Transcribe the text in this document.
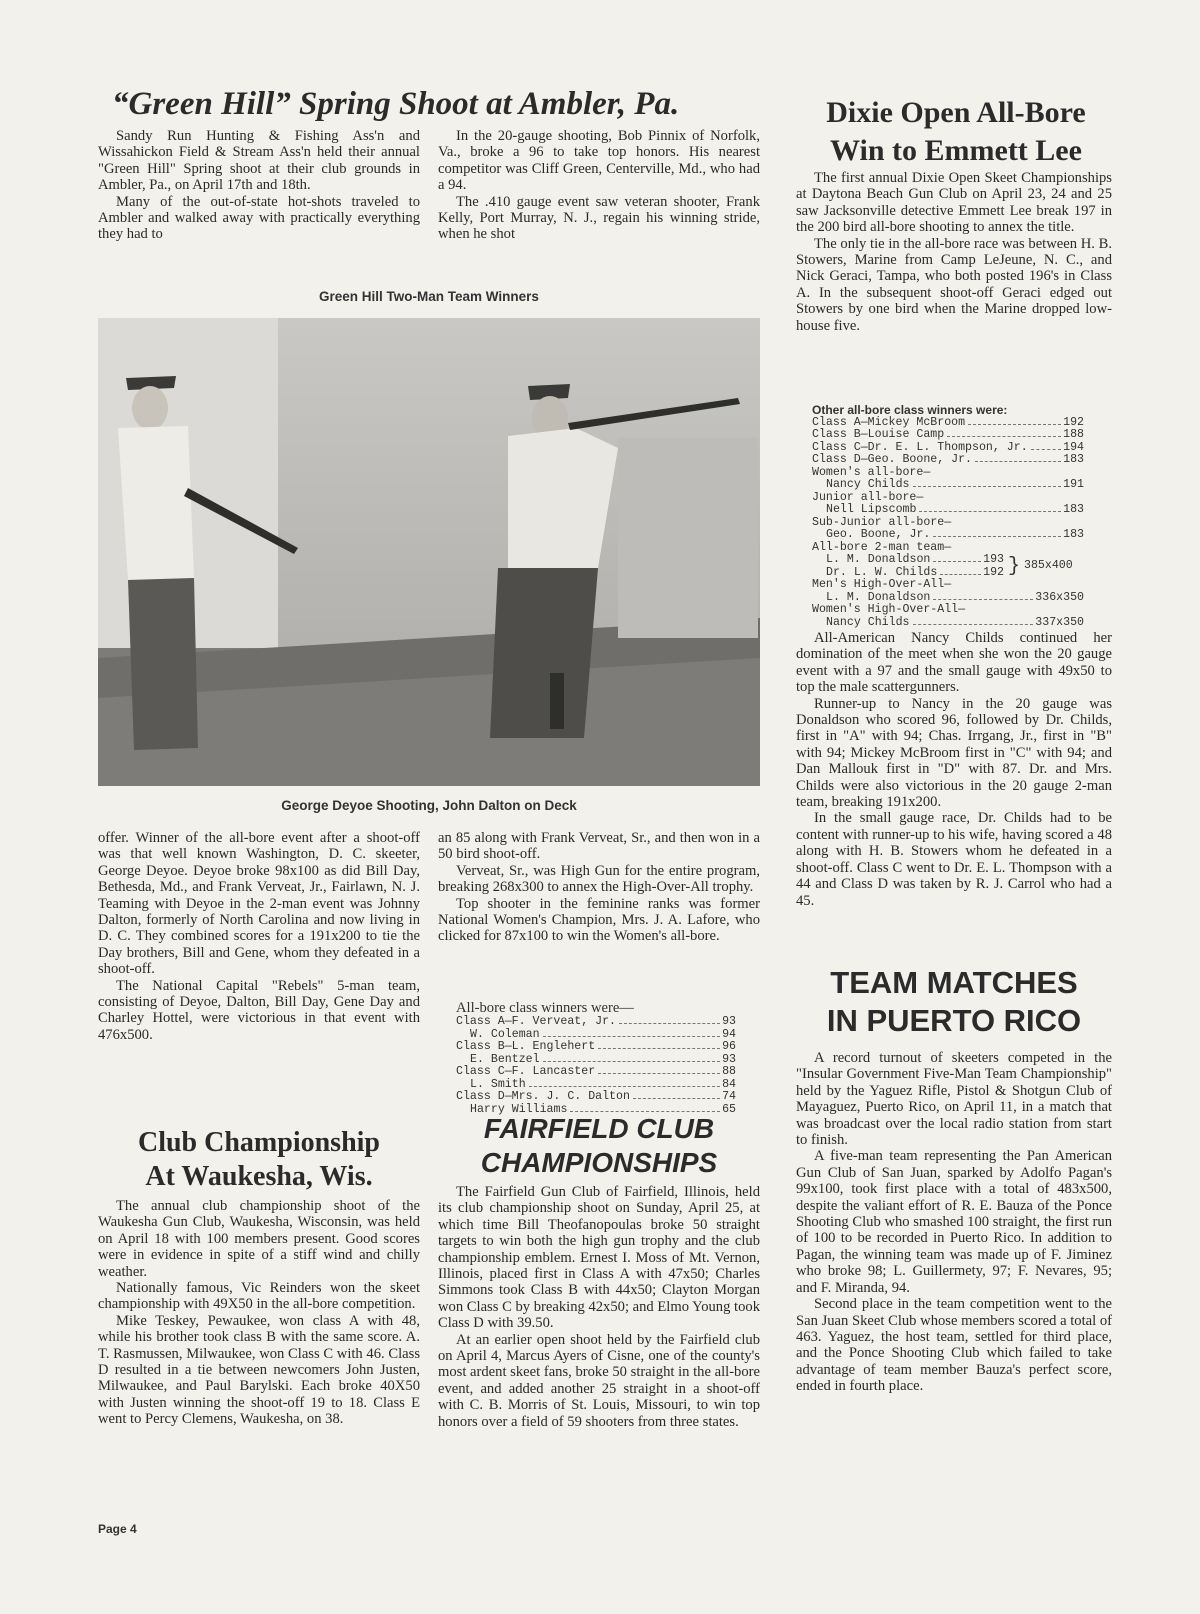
“Green Hill” Spring Shoot at Ambler, Pa.

Sandy Run Hunting & Fishing Ass'n and Wissahickon Field & Stream Ass'n held their annual "Green Hill" Spring shoot at their club grounds in Ambler, Pa., on April 17th and 18th.

Many of the out-of-state hot-shots traveled to Ambler and walked away with practically everything they had to

In the 20-gauge shooting, Bob Pinnix of Norfolk, Va., broke a 96 to take top honors. His nearest competitor was Cliff Green, Centerville, Md., who had a 94.

The .410 gauge event saw veteran shooter, Frank Kelly, Port Murray, N. J., regain his winning stride, when he shot

Green Hill Two-Man Team Winners
George Deyoe Shooting, John Dalton on Deck

offer. Winner of the all-bore event after a shoot-off was that well known Washington, D. C. skeeter, George Deyoe. Deyoe broke 98x100 as did Bill Day, Bethesda, Md., and Frank Verveat, Jr., Fairlawn, N. J. Teaming with Deyoe in the 2-man event was Johnny Dalton, formerly of North Carolina and now living in D. C. They combined scores for a 191x200 to tie the Day brothers, Bill and Gene, whom they defeated in a shoot-off.

The National Capital "Rebels" 5-man team, consisting of Deyoe, Dalton, Bill Day, Gene Day and Charley Hottel, were victorious in that event with 476x500.

an 85 along with Frank Verveat, Sr., and then won in a 50 bird shoot-off.

Verveat, Sr., was High Gun for the entire program, breaking 268x300 to annex the High-Over-All trophy.

Top shooter in the feminine ranks was former National Women's Champion, Mrs. J. A. Lafore, who clicked for 87x100 to win the Women's all-bore.

All-bore class winners were—
Class A—F. Verveat, Jr.	93
W. Coleman	94
Class B—L. Englehert	96
E. Bentzel	93
Class C—F. Lancaster	88
L. Smith	84
Class D—Mrs. J. C. Dalton	74
Harry Williams	65
Club Championship
At Waukesha, Wis.

The annual club championship shoot of the Waukesha Gun Club, Waukesha, Wisconsin, was held on April 18 with 100 members present. Good scores were in evidence in spite of a stiff wind and chilly weather.

Nationally famous, Vic Reinders won the skeet championship with 49X50 in the all-bore competition.

Mike Teskey, Pewaukee, won class A with 48, while his brother took class B with the same score. A. T. Rasmussen, Milwaukee, won Class C with 46. Class D resulted in a tie between newcomers John Justen, Milwaukee, and Paul Barylski. Each broke 40X50 with Justen winning the shoot-off 19 to 18. Class E went to Percy Clemens, Waukesha, on 38.

FAIRFIELD CLUB
CHAMPIONSHIPS

The Fairfield Gun Club of Fairfield, Illinois, held its club championship shoot on Sunday, April 25, at which time Bill Theofanopoulas broke 50 straight targets to win both the high gun trophy and the club championship emblem. Ernest I. Moss of Mt. Vernon, Illinois, placed first in Class A with 47x50; Charles Simmons took Class B with 44x50; Clayton Morgan won Class C by breaking 42x50; and Elmo Young took Class D with 39.50.

At an earlier open shoot held by the Fairfield club on April 4, Marcus Ayers of Cisne, one of the county's most ardent skeet fans, broke 50 straight in the all-bore event, and added another 25 straight in a shoot-off with C. B. Morris of St. Louis, Missouri, to win top honors over a field of 59 shooters from three states.

Dixie Open All-Bore
Win to Emmett Lee

The first annual Dixie Open Skeet Championships at Daytona Beach Gun Club on April 23, 24 and 25 saw Jacksonville detective Emmett Lee break 197 in the 200 bird all-bore shooting to annex the title.

The only tie in the all-bore race was between H. B. Stowers, Marine from Camp LeJeune, N. C., and Nick Geraci, Tampa, who both posted 196's in Class A. In the subsequent shoot-off Geraci edged out Stowers by one bird when the Marine dropped low-house five.

Other all-bore class winners were:
Class A—Mickey McBroom	192
Class B—Louise Camp	188
Class C—Dr. E. L. Thompson, Jr.	194
Class D—Geo. Boone, Jr.	183
Women's all-bore—
Nancy Childs	191
Junior all-bore—
Nell Lipscomb	183
Sub-Junior all-bore—
Geo. Boone, Jr.	183
All-bore 2-man team—
L. M. Donaldson	193
Dr. L. W. Childs	192 } 385x400
Men's High-Over-All—
L. M. Donaldson	336x350
Women's High-Over-All—
Nancy Childs	337x350

All-American Nancy Childs continued her domination of the meet when she won the 20 gauge event with a 97 and the small gauge with 49x50 to top the male scattergunners.

Runner-up to Nancy in the 20 gauge was Donaldson who scored 96, followed by Dr. Childs, first in "A" with 94; Chas. Irrgang, Jr., first in "B" with 94; Mickey McBroom first in "C" with 94; and Dan Mallouk first in "D" with 87. Dr. and Mrs. Childs were also victorious in the 20 gauge 2-man team, breaking 191x200.

In the small gauge race, Dr. Childs had to be content with runner-up to his wife, having scored a 48 along with H. B. Stowers whom he defeated in a shoot-off. Class C went to Dr. E. L. Thompson with a 44 and Class D was taken by R. J. Carrol who had a 45.

TEAM MATCHES
IN PUERTO RICO

A record turnout of skeeters competed in the "Insular Government Five-Man Team Championship" held by the Yaguez Rifle, Pistol & Shotgun Club of Mayaguez, Puerto Rico, on April 11, in a match that was broadcast over the local radio station from start to finish.

A five-man team representing the Pan American Gun Club of San Juan, sparked by Adolfo Pagan's 99x100, took first place with a total of 483x500, despite the valiant effort of R. E. Bauza of the Ponce Shooting Club who smashed 100 straight, the first run of 100 to be recorded in Puerto Rico. In addition to Pagan, the winning team was made up of F. Jiminez who broke 98; L. Guillermety, 97; F. Nevares, 95; and F. Miranda, 94.

Second place in the team competition went to the San Juan Skeet Club whose members scored a total of 463. Yaguez, the host team, settled for third place, and the Ponce Shooting Club which failed to take advantage of team member Bauza's perfect score, ended in fourth place.

Page 4
